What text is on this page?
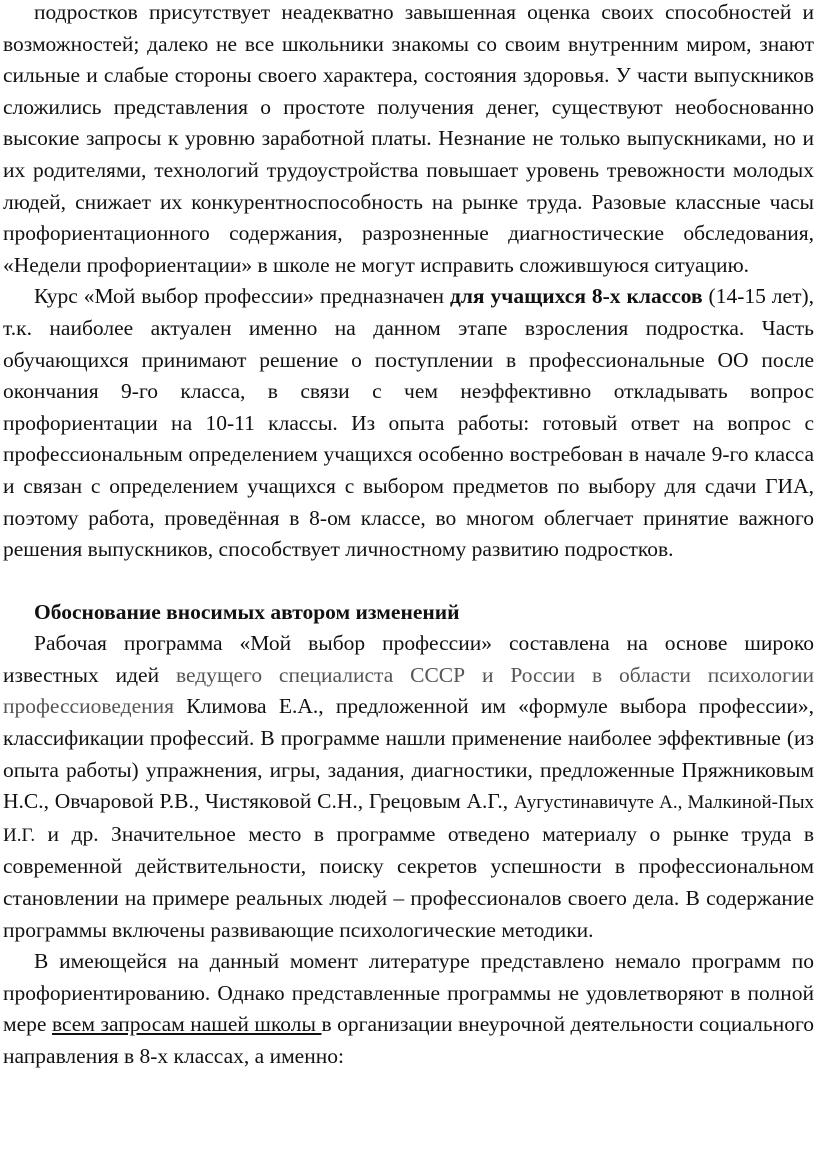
подростков присутствует неадекватно завышенная оценка своих способностей и возможностей; далеко не все школьники знакомы со своим внутренним миром, знают сильные и слабые стороны своего характера, состояния здоровья. У части выпускников сложились представления о простоте получения денег, существуют необоснованно высокие запросы к уровню заработной платы. Незнание не только выпускниками, но и их родителями, технологий трудоустройства повышает уровень тревожности молодых людей, снижает их конкурентноспособность на рынке труда. Разовые классные часы профориентационного содержания, разрозненные диагностические обследования, «Недели профориентации» в школе не могут исправить сложившуюся ситуацию.

Курс «Мой выбор профессии» предназначен для учащихся 8-х классов (14-15 лет), т.к. наиболее актуален именно на данном этапе взросления подростка. Часть обучающихся принимают решение о поступлении в профессиональные ОО после окончания 9-го класса, в связи с чем неэффективно откладывать вопрос профориентации на 10-11 классы. Из опыта работы: готовый ответ на вопрос с профессиональным определением учащихся особенно востребован в начале 9-го класса и связан с определением учащихся с выбором предметов по выбору для сдачи ГИА, поэтому работа, проведённая в 8-ом классе, во многом облегчает принятие важного решения выпускников, способствует личностному развитию подростков.

Обоснование вносимых автором изменений

Рабочая программа «Мой выбор профессии» составлена на основе широко известных идей ведущего специалиста СССР и России в области психологии профессиоведения Климова Е.А., предложенной им «формуле выбора профессии», классификации профессий. В программе нашли применение наиболее эффективные (из опыта работы) упражнения, игры, задания, диагностики, предложенные Пряжниковым Н.С., Овчаровой Р.В., Чистяковой С.Н., Грецовым А.Г., Аугустинавичуте А., Малкиной-Пых И.Г. и др. Значительное место в программе отведено материалу о рынке труда в современной действительности, поиску секретов успешности в профессиональном становлении на примере реальных людей – профессионалов своего дела. В содержание программы включены развивающие психологические методики.

В имеющейся на данный момент литературе представлено немало программ по профориентированию. Однако представленные программы не удовлетворяют в полной мере всем запросам нашей школы в организации внеурочной деятельности социального направления в 8-х классах, а именно:
